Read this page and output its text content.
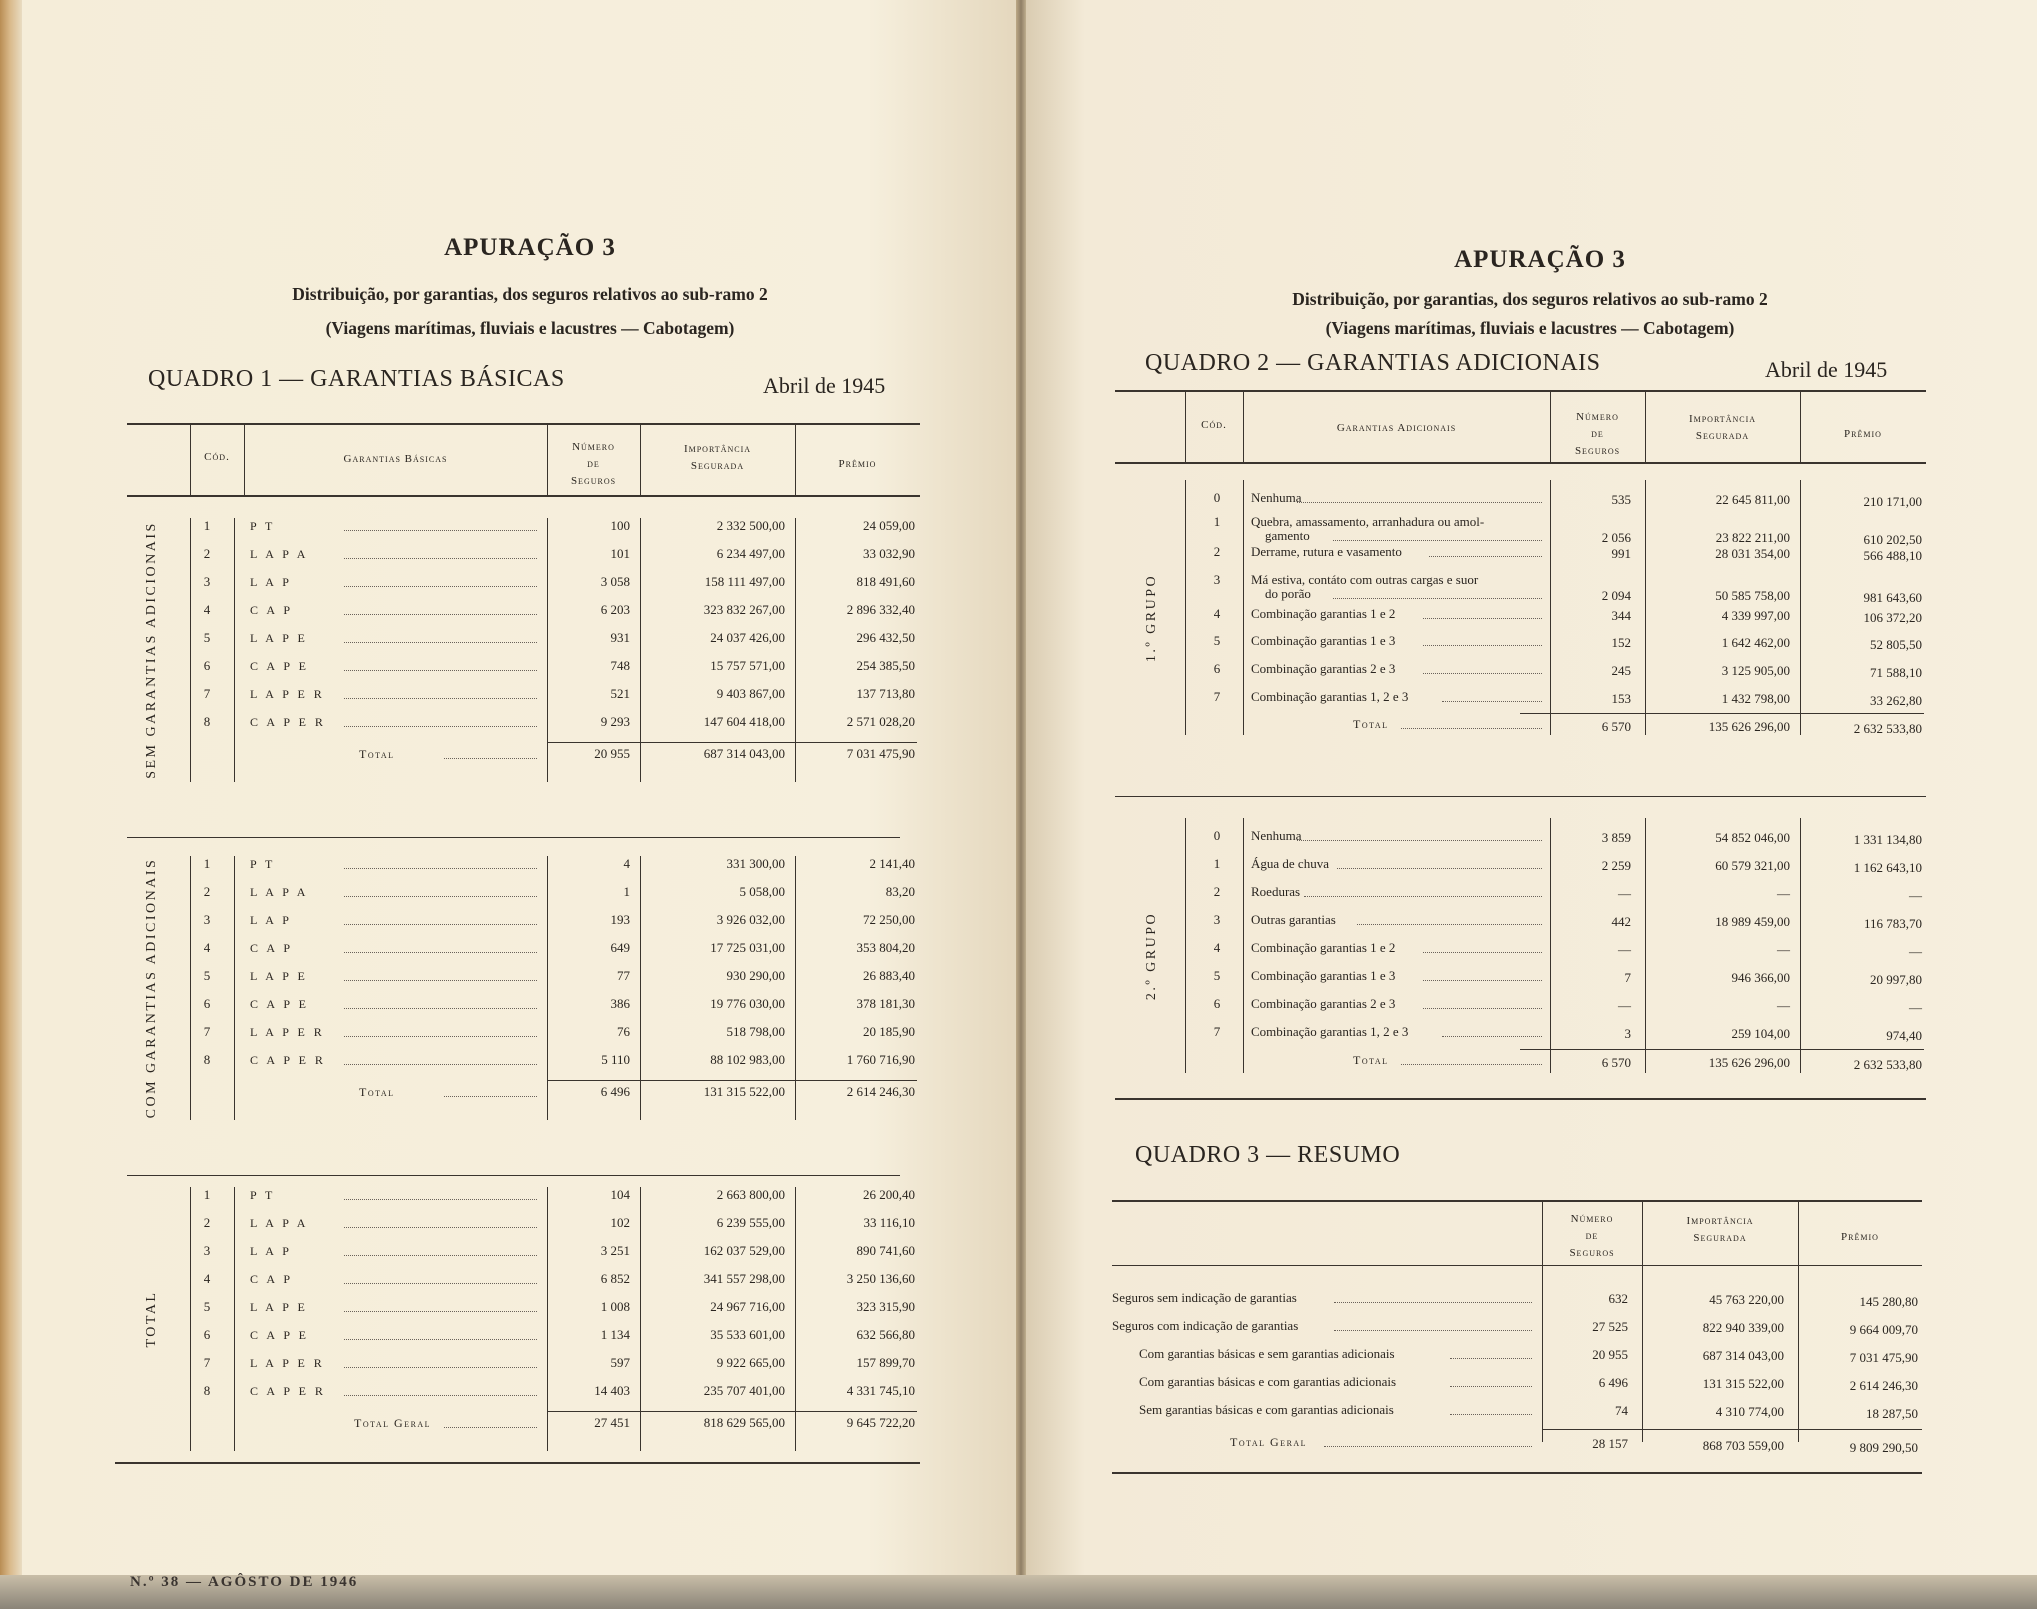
APURAÇÃO 3
Distribuição, por garantias, dos seguros relativos ao sub-ramo 2
(Viagens marítimas, fluviais e lacustres — Cabotagem)
QUADRO 1 — GARANTIAS BÁSICAS	Abril de 1945
Cód.	Garantias Básicas
Número
de
Seguros
Importância
Segurada	Prêmio
SEM GARANTIAS ADICIONAIS	1	P T	100	2 332 500,00	24 059,00
2	L A P A	101	6 234 497,00	33 032,90
3	L A P	3 058	158 111 497,00	818 491,60
4	C A P	6 203	323 832 267,00	2 896 332,40
5	L A P E	931	24 037 426,00	296 432,50
6	C A P E	748	15 757 571,00	254 385,50
7	L A P E R	521	9 403 867,00	137 713,80
8	C A P E R	9 293	147 604 418,00	2 571 028,20
Total	20 955	687 314 043,00	7 031 475,90
COM GARANTIAS ADICIONAIS	1	P T	4	331 300,00	2 141,40
2	L A P A	1	5 058,00	83,20
3	L A P	193	3 926 032,00	72 250,00
4	C A P	649	17 725 031,00	353 804,20
5	L A P E	77	930 290,00	26 883,40
6	C A P E	386	19 776 030,00	378 181,30
7	L A P E R	76	518 798,00	20 185,90
8	C A P E R	5 110	88 102 983,00	1 760 716,90
Total	6 496	131 315 522,00	2 614 246,30
TOTAL
1	P T	104	2 663 800,00	26 200,40
2	L A P A	102	6 239 555,00	33 116,10
3	L A P	3 251	162 037 529,00	890 741,60
4	C A P	6 852	341 557 298,00	3 250 136,60
5	L A P E	1 008	24 967 716,00	323 315,90
6	C A P E	1 134	35 533 601,00	632 566,80
7	L A P E R	597	9 922 665,00	157 899,70
8	C A P E R	14 403	235 707 401,00	4 331 745,10
Total Geral	27 451	818 629 565,00	9 645 722,20
APURAÇÃO 3
Distribuição, por garantias, dos seguros relativos ao sub-ramo 2
(Viagens marítimas, fluviais e lacustres — Cabotagem)
QUADRO 2 — GARANTIAS ADICIONAIS	Abril de 1945
Cód.	Garantias Adicionais
Número
de
Seguros
Importância
Segurada	Prêmio
1.º GRUPO
0	Nenhuma	535	22 645 811,00	210 171,00
1	Quebra, amassamento, arranhadura ou amol-
gamento	2 056	23 822 211,00	610 202,50
2	Derrame, rutura e vasamento	991	28 031 354,00	566 488,10
3	Má estiva, contáto com outras cargas e suor
do porão	2 094	50 585 758,00	981 643,60
4	Combinação garantias 1 e 2	344	4 339 997,00	106 372,20
5	Combinação garantias 1 e 3	152	1 642 462,00	52 805,50
6	Combinação garantias 2 e 3	245	3 125 905,00	71 588,10
7	Combinação garantias 1, 2 e 3	153	1 432 798,00	33 262,80
Total	6 570	135 626 296,00	2 632 533,80
2.º GRUPO
0	Nenhuma	3 859	54 852 046,00	1 331 134,80
1	Água de chuva	2 259	60 579 321,00	1 162 643,10
2	Roeduras	—	—	—
3	Outras garantias	442	18 989 459,00	116 783,70
4	Combinação garantias 1 e 2	—	—	—
5	Combinação garantias 1 e 3	7	946 366,00	20 997,80
6	Combinação garantias 2 e 3	—	—	—
7	Combinação garantias 1, 2 e 3	3	259 104,00	974,40
Total	6 570	135 626 296,00	2 632 533,80
QUADRO 3 — RESUMO
Número
de
Seguros
Importância
Segurada	Prêmio
Seguros sem indicação de garantias	632	45 763 220,00	145 280,80
Seguros com indicação de garantias	27 525	822 940 339,00	9 664 009,70
Com garantias básicas e sem garantias adicionais	20 955	687 314 043,00	7 031 475,90
Com garantias básicas e com garantias adicionais	6 496	131 315 522,00	2 614 246,30
Sem garantias básicas e com garantias adicionais	74	4 310 774,00	18 287,50
Total Geral	28 157	868 703 559,00	9 809 290,50
N.º 38 — AGÔSTO DE 1946
